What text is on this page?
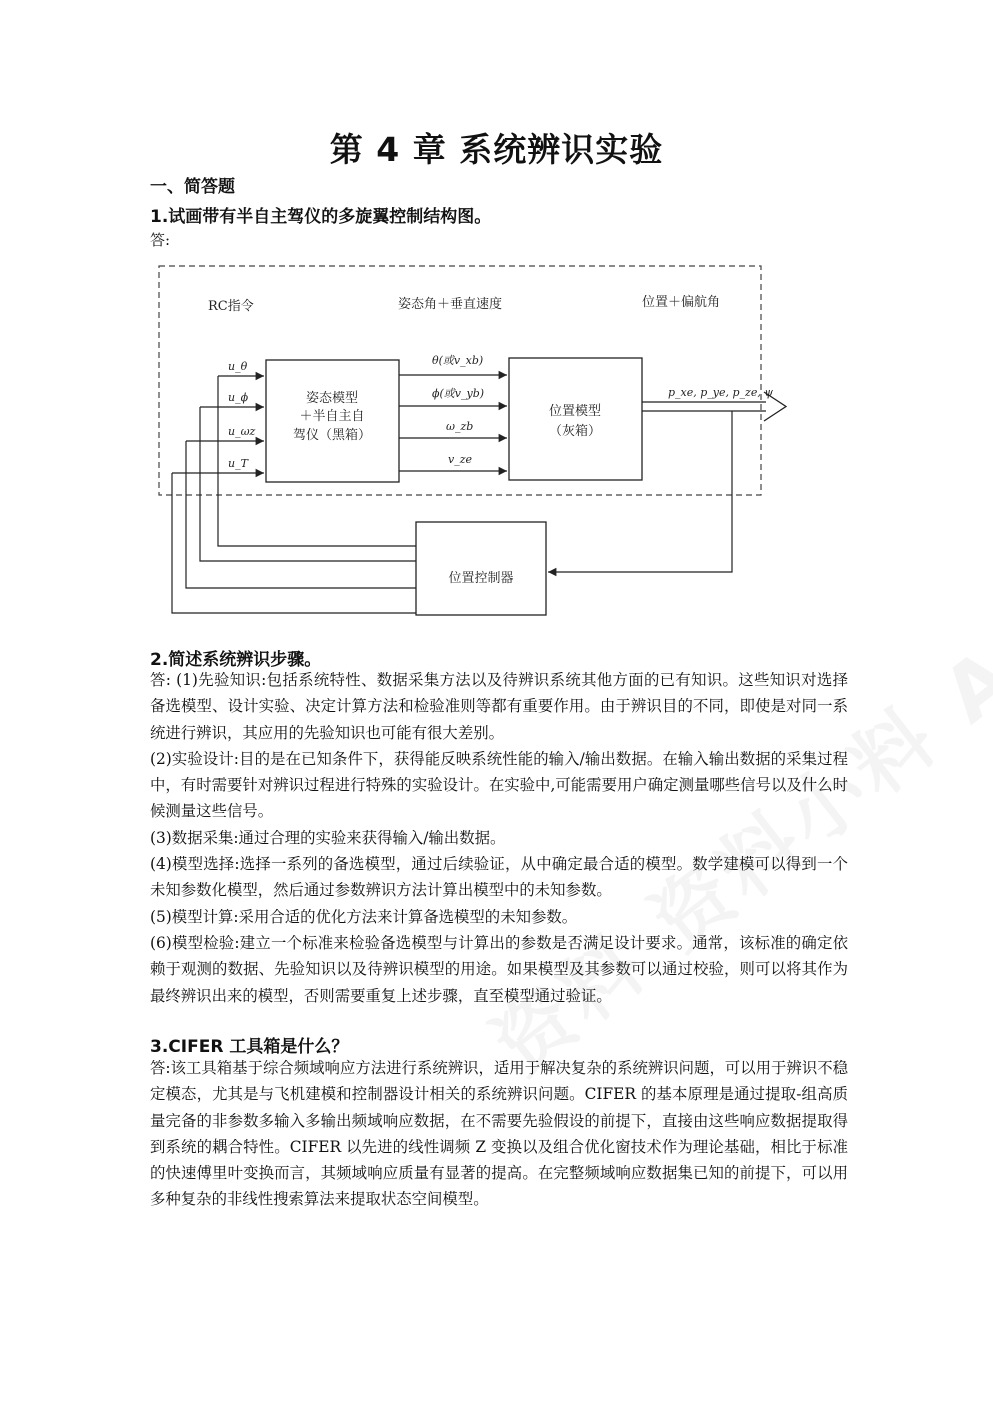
第 4 章 系统辨识实验
一、简答题
1.试画带有半自主驾仪的多旋翼控制结构图。
答:
RC指令	姿态角＋垂直速度	位置＋偏航角
姿态模型
＋半自主自
驾仪（黑箱）
位置模型
（灰箱）
位置控制器
u_θ
u_ϕ
u_ωz
u_T
θ(或v_xb)
ϕ(或v_yb)
ω_zb
v_ze
p_xe, p_ye, p_ze, ψ
2.简述系统辨识步骤。

答: (1)先验知识:包括系统特性、数据采集方法以及待辨识系统其他方面的已有知识。这些知识对选择备选模型、设计实验、决定计算方法和检验准则等都有重要作用。由于辨识目的不同，即使是对同一系统进行辨识，其应用的先验知识也可能有很大差别。

(2)实验设计:目的是在已知条件下，获得能反映系统性能的输入/输出数据。在输入输出数据的采集过程中，有时需要针对辨识过程进行特殊的实验设计。在实验中,可能需要用户确定测量哪些信号以及什么时候测量这些信号。

(3)数据采集:通过合理的实验来获得输入/输出数据。

(4)模型选择:选择一系列的备选模型，通过后续验证，从中确定最合适的模型。数学建模可以得到一个未知参数化模型，然后通过参数辨识方法计算出模型中的未知参数。

(5)模型计算:采用合适的优化方法来计算备选模型的未知参数。

(6)模型检验:建立一个标准来检验备选模型与计算出的参数是否满足设计要求。通常，该标准的确定依赖于观测的数据、先验知识以及待辨识模型的用途。如果模型及其参数可以通过校验，则可以将其作为最终辨识出来的模型，否则需要重复上述步骤，直至模型通过验证。

3.CIFER 工具箱是什么？

答:该工具箱基于综合频域响应方法进行系统辨识，适用于解决复杂的系统辨识问题，可以用于辨识不稳定模态，尤其是与飞机建模和控制器设计相关的系统辨识问题。CIFER 的基本原理是通过提取-组高质量完备的非参数多输入多输出频域响应数据，在不需要先验假设的前提下，直接由这些响应数据提取得到系统的耦合特性。CIFER 以先进的线性调频 Z 变换以及组合优化窗技术作为理论基础，相比于标准的快速傅里叶变换而言，其频域响应质量有显著的提高。在完整频域响应数据集已知的前提下，可以用多种复杂的非线性搜索算法来提取状态空间模型。
